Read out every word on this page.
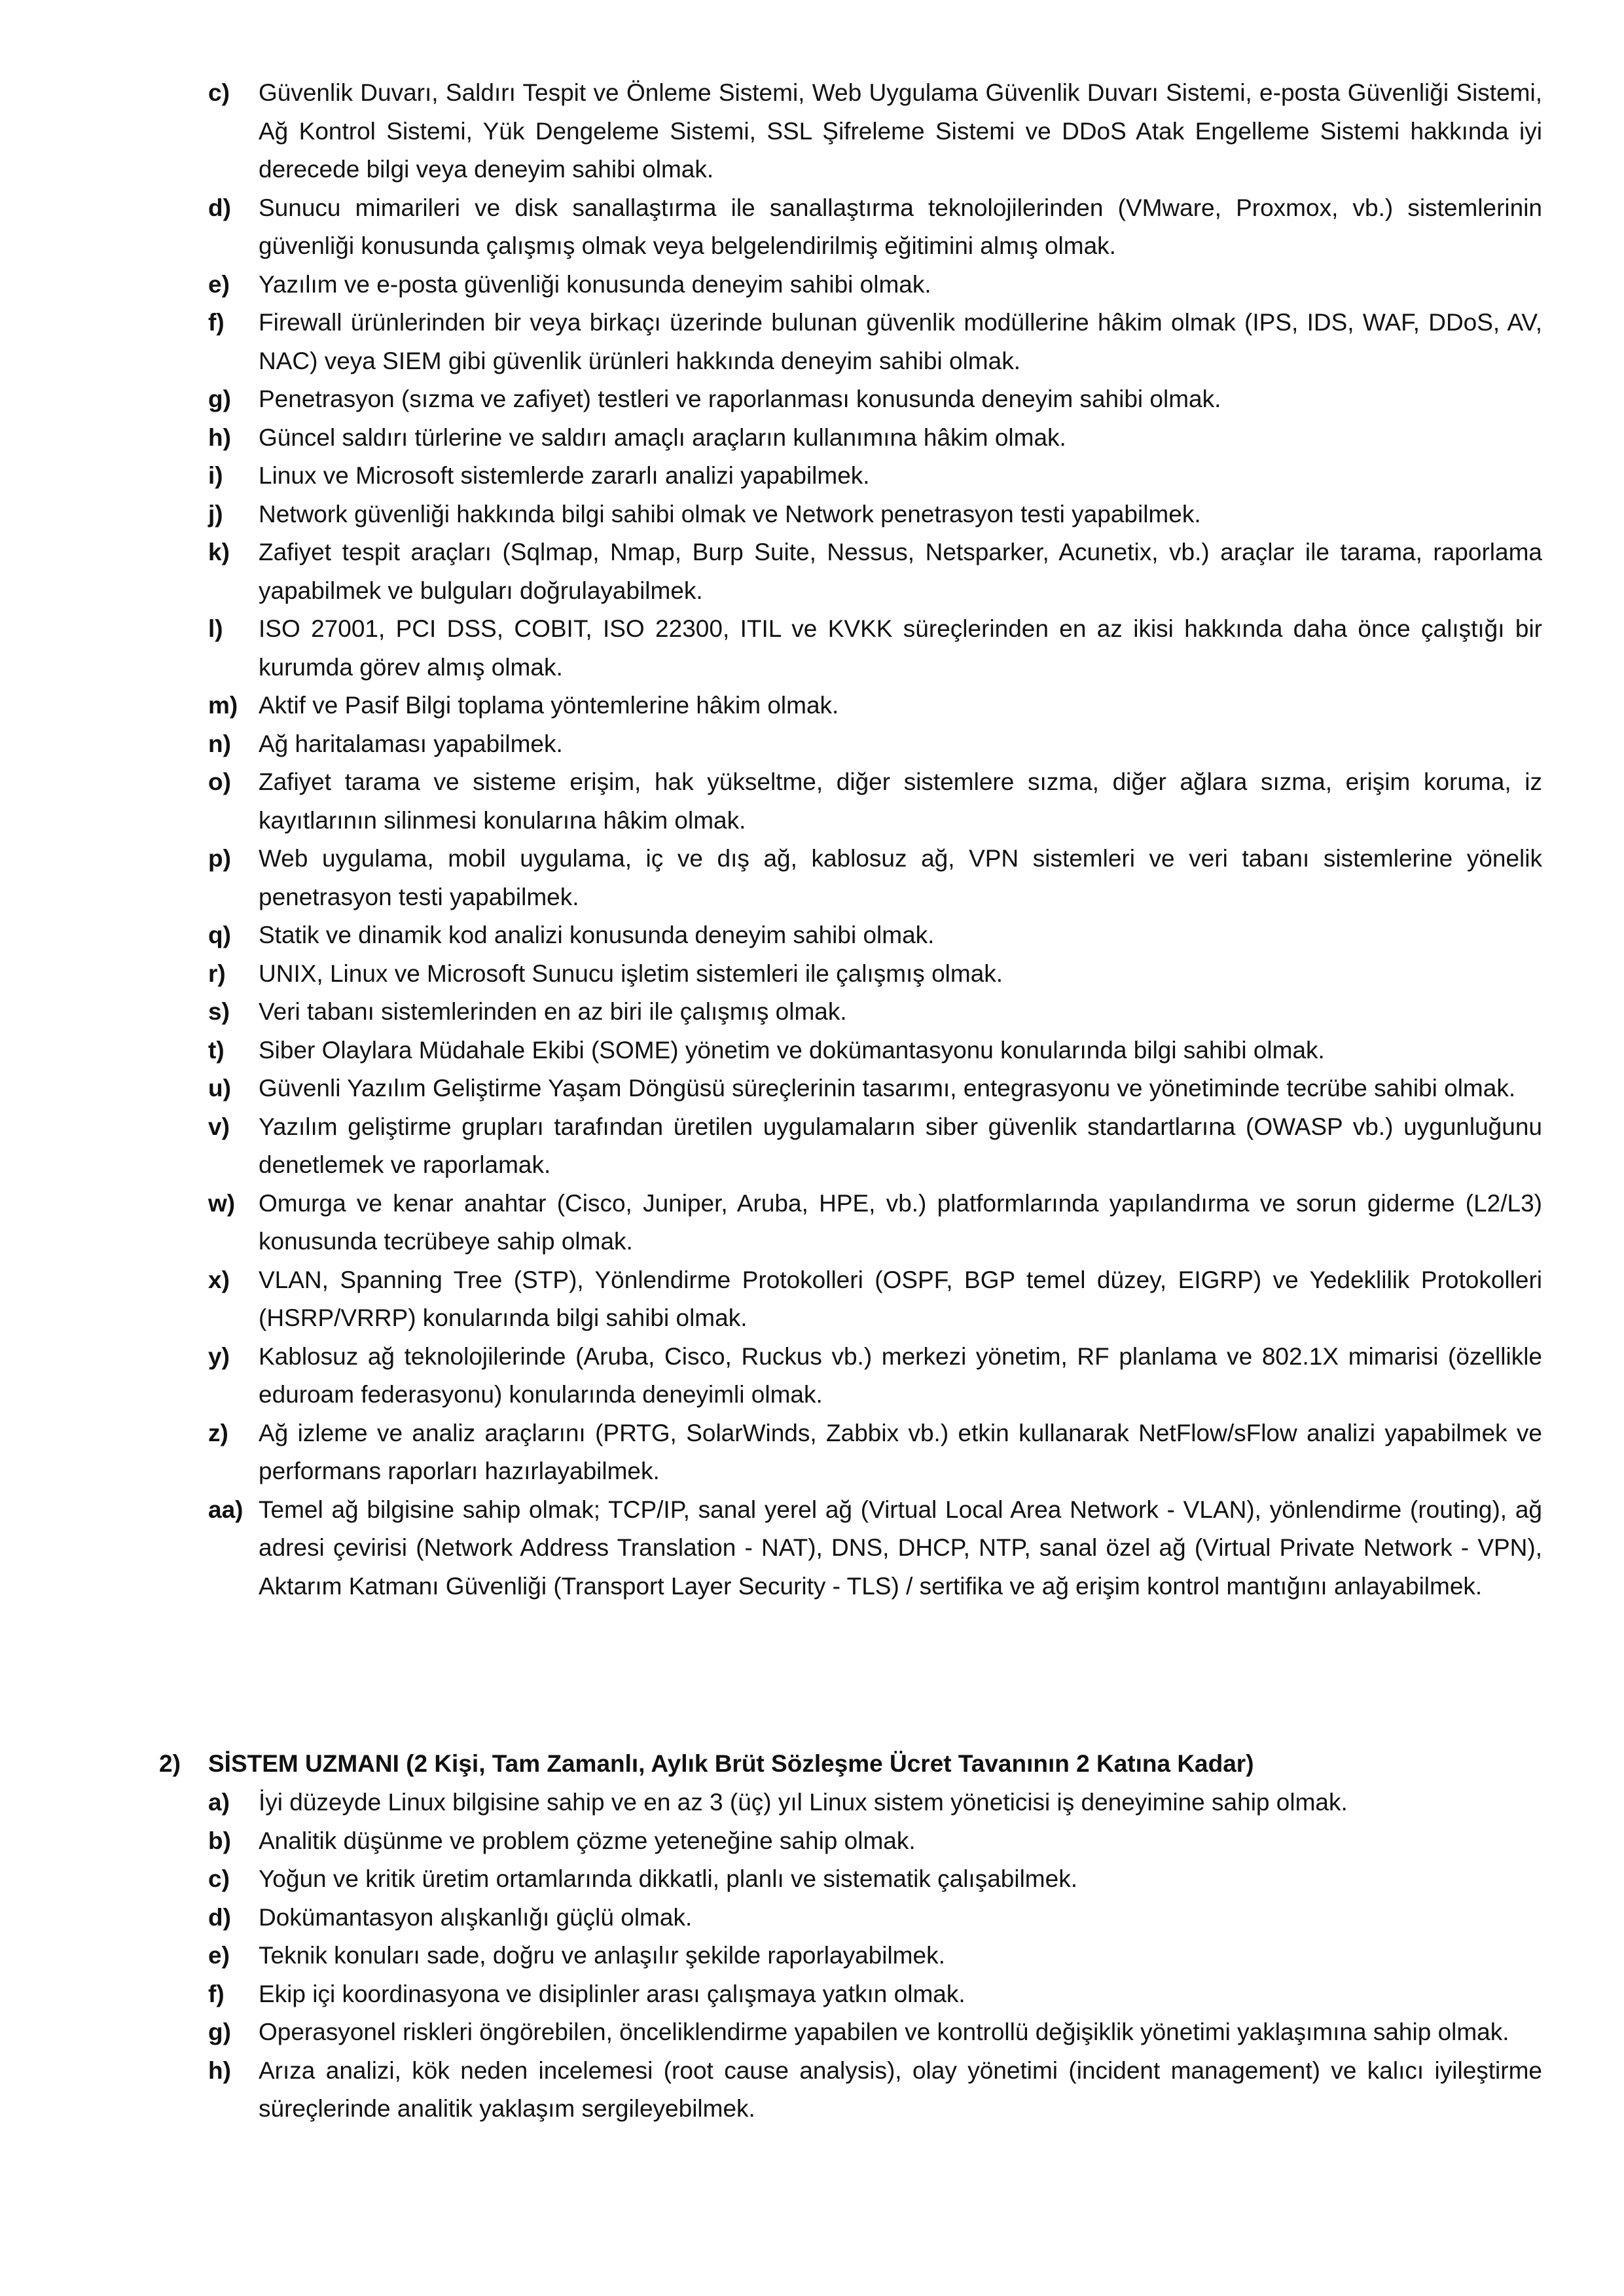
c)	Güvenlik Duvarı, Saldırı Tespit ve Önleme Sistemi, Web Uygulama Güvenlik Duvarı Sistemi, e-posta Güvenliği Sistemi, Ağ Kontrol Sistemi, Yük Dengeleme Sistemi, SSL Şifreleme Sistemi ve DDoS Atak Engelleme Sistemi hakkında iyi derecede bilgi veya deneyim sahibi olmak.
d)	Sunucu mimarileri ve disk sanallaştırma ile sanallaştırma teknolojilerinden (VMware, Proxmox, vb.) sistemlerinin güvenliği konusunda çalışmış olmak veya belgelendirilmiş eğitimini almış olmak.
e)	Yazılım ve e-posta güvenliği konusunda deneyim sahibi olmak.
f)	Firewall ürünlerinden bir veya birkaçı üzerinde bulunan güvenlik modüllerine hâkim olmak (IPS, IDS, WAF, DDoS, AV, NAC) veya SIEM gibi güvenlik ürünleri hakkında deneyim sahibi olmak.
g)	Penetrasyon (sızma ve zafiyet) testleri ve raporlanması konusunda deneyim sahibi olmak.
h)	Güncel saldırı türlerine ve saldırı amaçlı araçların kullanımına hâkim olmak.
i)	Linux ve Microsoft sistemlerde zararlı analizi yapabilmek.
j)	Network güvenliği hakkında bilgi sahibi olmak ve Network penetrasyon testi yapabilmek.
k)	Zafiyet tespit araçları (Sqlmap, Nmap, Burp Suite, Nessus, Netsparker, Acunetix, vb.) araçlar ile tarama, raporlama yapabilmek ve bulguları doğrulayabilmek.
l)	ISO 27001, PCI DSS, COBIT, ISO 22300, ITIL ve KVKK süreçlerinden en az ikisi hakkında daha önce çalıştığı bir kurumda görev almış olmak.
m) Aktif ve Pasif Bilgi toplama yöntemlerine hâkim olmak.
n)	Ağ haritalaması yapabilmek.
o)	Zafiyet tarama ve sisteme erişim, hak yükseltme, diğer sistemlere sızma, diğer ağlara sızma, erişim koruma, iz kayıtlarının silinmesi konularına hâkim olmak.
p)	Web uygulama, mobil uygulama, iç ve dış ağ, kablosuz ağ, VPN sistemleri ve veri tabanı sistemlerine yönelik penetrasyon testi yapabilmek.
q)	Statik ve dinamik kod analizi konusunda deneyim sahibi olmak.
r)	UNIX, Linux ve Microsoft Sunucu işletim sistemleri ile çalışmış olmak.
s)	Veri tabanı sistemlerinden en az biri ile çalışmış olmak.
t)	Siber Olaylara Müdahale Ekibi (SOME) yönetim ve dokümantasyonu konularında bilgi sahibi olmak.
u)	Güvenli Yazılım Geliştirme Yaşam Döngüsü süreçlerinin tasarımı, entegrasyonu ve yönetiminde tecrübe sahibi olmak.
v)	Yazılım geliştirme grupları tarafından üretilen uygulamaların siber güvenlik standartlarına (OWASP vb.) uygunluğunu denetlemek ve raporlamak.
w) Omurga ve kenar anahtar (Cisco, Juniper, Aruba, HPE, vb.) platformlarında yapılandırma ve sorun giderme (L2/L3) konusunda tecrübeye sahip olmak.
x)	VLAN, Spanning Tree (STP), Yönlendirme Protokolleri (OSPF, BGP temel düzey, EIGRP) ve Yedeklilik Protokolleri (HSRP/VRRP) konularında bilgi sahibi olmak.
y)	Kablosuz ağ teknolojilerinde (Aruba, Cisco, Ruckus vb.) merkezi yönetim, RF planlama ve 802.1X mimarisi (özellikle eduroam federasyonu) konularında deneyimli olmak.
z)	Ağ izleme ve analiz araçlarını (PRTG, SolarWinds, Zabbix vb.) etkin kullanarak NetFlow/sFlow analizi yapabilmek ve performans raporları hazırlayabilmek.
aa) Temel ağ bilgisine sahip olmak; TCP/IP, sanal yerel ağ (Virtual Local Area Network - VLAN), yönlendirme (routing), ağ adresi çevirisi (Network Address Translation - NAT), DNS, DHCP, NTP, sanal özel ağ (Virtual Private Network - VPN), Aktarım Katmanı Güvenliği (Transport Layer Security - TLS) / sertifika ve ağ erişim kontrol mantığını anlayabilmek.
2)	SİSTEM UZMANI (2 Kişi, Tam Zamanlı, Aylık Brüt Sözleşme Ücret Tavanının 2 Katına Kadar)
a)	İyi düzeyde Linux bilgisine sahip ve en az 3 (üç) yıl Linux sistem yöneticisi iş deneyimine sahip olmak.
b)	Analitik düşünme ve problem çözme yeteneğine sahip olmak.
c)	Yoğun ve kritik üretim ortamlarında dikkatli, planlı ve sistematik çalışabilmek.
d)	Dokümantasyon alışkanlığı güçlü olmak.
e)	Teknik konuları sade, doğru ve anlaşılır şekilde raporlayabilmek.
f)	Ekip içi koordinasyona ve disiplinler arası çalışmaya yatkın olmak.
g)	Operasyonel riskleri öngörebilen, önceliklendirme yapabilen ve kontrollü değişiklik yönetimi yaklaşımına sahip olmak.
h)	Arıza analizi, kök neden incelemesi (root cause analysis), olay yönetimi (incident management) ve kalıcı iyileştirme süreçlerinde analitik yaklaşım sergileyebilmek.
